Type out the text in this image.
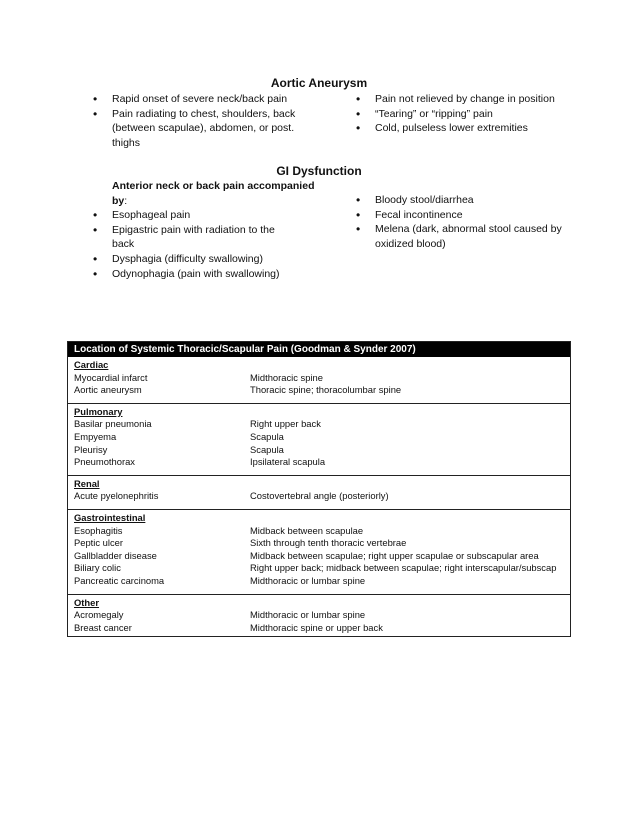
Aortic Aneurysm
• Rapid onset of severe neck/back pain
• Pain radiating to chest, shoulders, back (between scapulae), abdomen, or post. thighs
• Pain not relieved by change in position
• “Tearing” or “ripping” pain
• Cold, pulseless lower extremities
GI Dysfunction
Anterior neck or back pain accompanied by:
• Esophageal pain
• Epigastric pain with radiation to the back
• Dysphagia (difficulty swallowing)
• Odynophagia (pain with swallowing)
• Bloody stool/diarrhea
• Fecal incontinence
• Melena (dark, abnormal stool caused by oxidized blood)
Location of Systemic Thoracic/Scapular Pain (Goodman & Synder 2007)
Cardiac
Myocardial infarct	Midthoracic spine
Aortic aneurysm	Thoracic spine; thoracolumbar spine
Pulmonary
Basilar pneumonia	Right upper back
Empyema	Scapula
Pleurisy	Scapula
Pneumothorax	Ipsilateral scapula
Renal
Acute pyelonephritis	Costovertebral angle (posteriorly)
Gastrointestinal
Esophagitis	Midback between scapulae
Peptic ulcer	Sixth through tenth thoracic vertebrae
Gallbladder disease	Midback between scapulae; right upper scapulae or subscapular area
Biliary colic	Right upper back; midback between scapulae; right interscapular/subscap
Pancreatic carcinoma	Midthoracic or lumbar spine
Other
Acromegaly	Midthoracic or lumbar spine
Breast cancer	Midthoracic spine or upper back
